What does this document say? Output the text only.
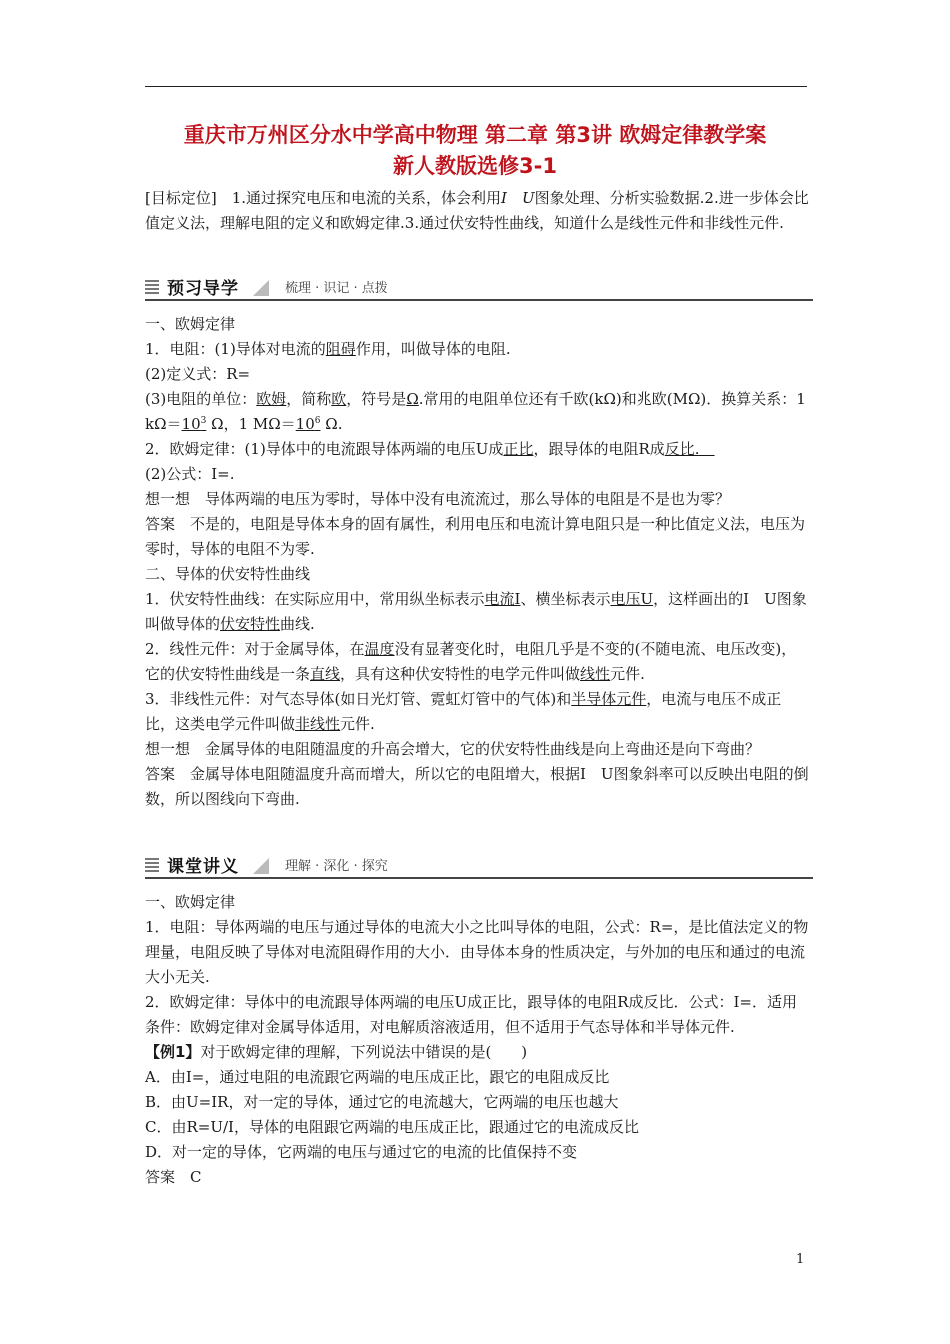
重庆市万州区分水中学高中物理 第二章 第3讲 欧姆定律教学案
新人教版选修3-1

[目标定位]　1.通过探究电压和电流的关系，体会利用I　U图象处理、分析实验数据.2.进一步体会比值定义法，理解电阻的定义和欧姆定律.3.通过伏安特性曲线，知道什么是线性元件和非线性元件.

预习导学	梳理 · 识记 · 点拨

一、欧姆定律

1．电阻：(1)导体对电流的阻碍作用，叫做导体的电阻.

(2)定义式：R=

(3)电阻的单位：欧姆，简称欧，符号是Ω.常用的电阻单位还有千欧(kΩ)和兆欧(MΩ)．换算关系：1 $k\Omega=10^3$ Ω，1 $M\Omega=10^6$ Ω.

2．欧姆定律：(1)导体中的电流跟导体两端的电压U成正比，跟导体的电阻R成反比.　

(2)公式：I=.

想一想　导体两端的电压为零时，导体中没有电流流过，那么导体的电阻是不是也为零？

答案　不是的，电阻是导体本身的固有属性，利用电压和电流计算电阻只是一种比值定义法，电压为零时，导体的电阻不为零.

二、导体的伏安特性曲线

1．伏安特性曲线：在实际应用中，常用纵坐标表示电流I、横坐标表示电压U，这样画出的I　U图象叫做导体的伏安特性曲线.

2．线性元件：对于金属导体，在温度没有显著变化时，电阻几乎是不变的(不随电流、电压改变)，它的伏安特性曲线是一条直线，具有这种伏安特性的电学元件叫做线性元件.

3．非线性元件：对气态导体(如日光灯管、霓虹灯管中的气体)和半导体元件，电流与电压不成正比，这类电学元件叫做非线性元件.

想一想　金属导体的电阻随温度的升高会增大，它的伏安特性曲线是向上弯曲还是向下弯曲？

答案　金属导体电阻随温度升高而增大，所以它的电阻增大，根据I　U图象斜率可以反映出电阻的倒数，所以图线向下弯曲.

课堂讲义	理解 · 深化 · 探究

一、欧姆定律

1．电阻：导体两端的电压与通过导体的电流大小之比叫导体的电阻，公式：R=，是比值法定义的物理量，电阻反映了导体对电流阻碍作用的大小．由导体本身的性质决定，与外加的电压和通过的电流大小无关.

2．欧姆定律：导体中的电流跟导体两端的电压U成正比，跟导体的电阻R成反比．公式：I=．适用条件：欧姆定律对金属导体适用，对电解质溶液适用，但不适用于气态导体和半导体元件.

【例1】对于欧姆定律的理解，下列说法中错误的是(　　)

A．由I=，通过电阻的电流跟它两端的电压成正比，跟它的电阻成反比

B．由U=IR，对一定的导体，通过它的电流越大，它两端的电压也越大

C．由R=U/I，导体的电阻跟它两端的电压成正比，跟通过它的电流成反比

D．对一定的导体，它两端的电压与通过它的电流的比值保持不变

答案　C

1
